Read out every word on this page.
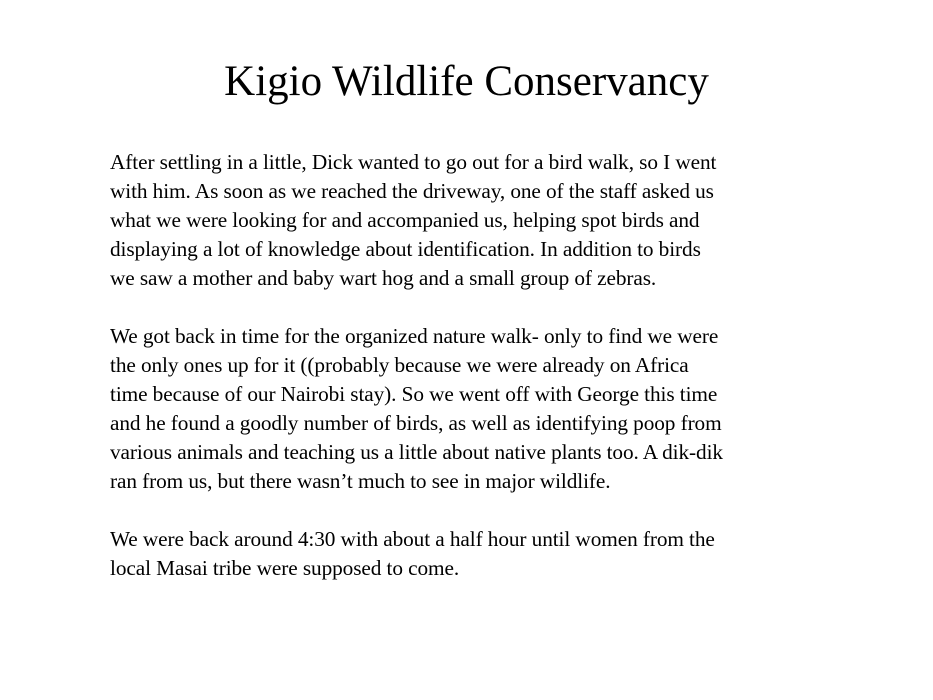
Kigio Wildlife Conservancy

After settling in a little, Dick wanted to go out for a bird walk, so I went
with him. As soon as we reached the driveway, one of the staff asked us
what we were looking for and accompanied us, helping spot birds and
displaying a lot of knowledge about identification. In addition to birds
we saw a mother and baby wart hog and a small group of zebras.

We got back in time for the organized nature walk- only to find we were
the only ones up for it ((probably because we were already on Africa
time because of our Nairobi stay). So we went off with George this time
and he found a goodly number of birds, as well as identifying poop from
various animals and teaching us a little about native plants too. A dik-dik
ran from us, but there wasn’t much to see in major wildlife.

We were back around 4:30 with about a half hour until women from the
local Masai tribe were supposed to come.
